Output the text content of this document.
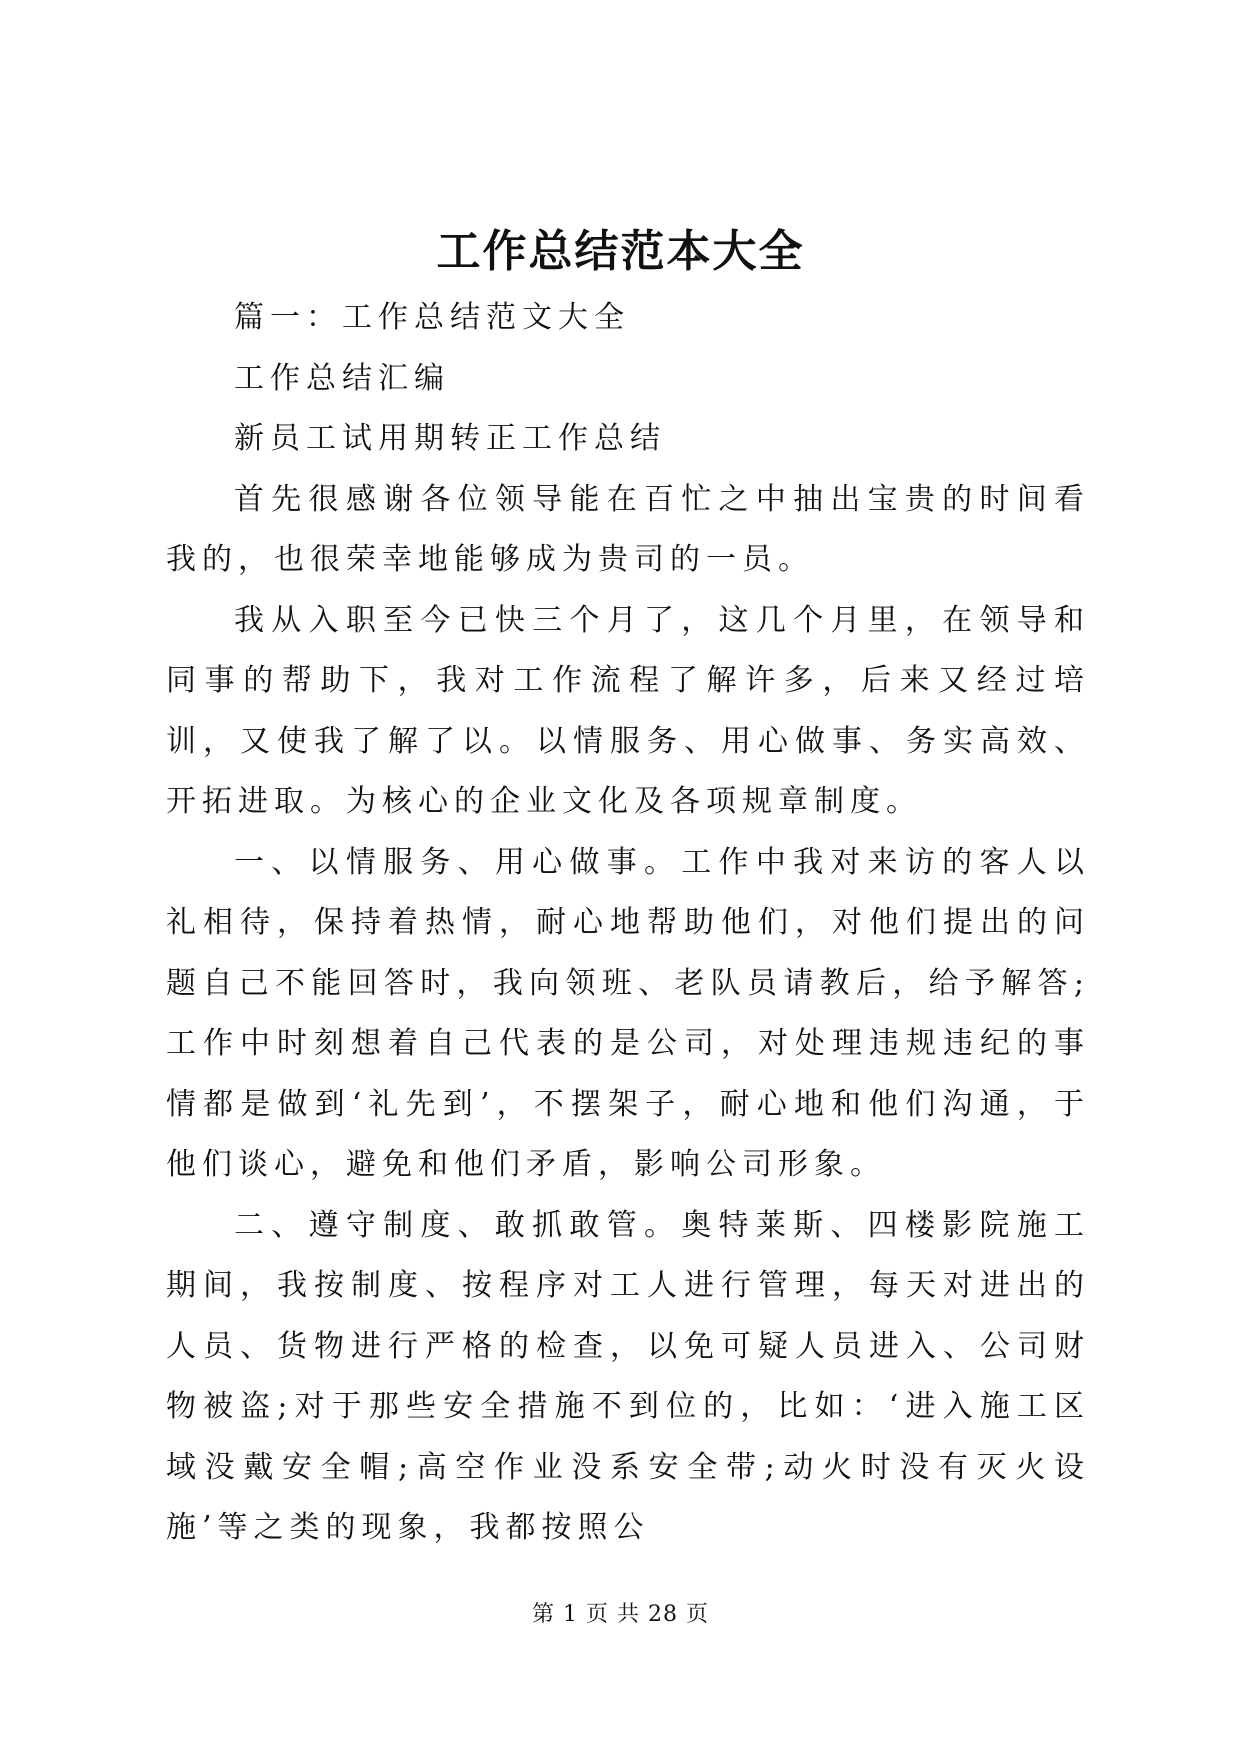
工作总结范本大全

篇一：工作总结范文大全

工作总结汇编

新员工试用期转正工作总结

首先很感谢各位领导能在百忙之中抽出宝贵的时间看我的，也很荣幸地能够成为贵司的一员。

我从入职至今已快三个月了，这几个月里，在领导和同事的帮助下，我对工作流程了解许多，后来又经过培训，又使我了解了以。以情服务、用心做事、务实高效、开拓进取。为核心的企业文化及各项规章制度。

一、以情服务、用心做事。工作中我对来访的客人以礼相待，保持着热情，耐心地帮助他们，对他们提出的问题自己不能回答时，我向领班、老队员请教后，给予解答;工作中时刻想着自己代表的是公司，对处理违规违纪的事情都是做到‘礼先到’，不摆架子，耐心地和他们沟通，于他们谈心，避免和他们矛盾，影响公司形象。

二、遵守制度、敢抓敢管。奥特莱斯、四楼影院施工期间，我按制度、按程序对工人进行管理，每天对进出的人员、货物进行严格的检查，以免可疑人员进入、公司财物被盗;对于那些安全措施不到位的，比如：‘进入施工区域没戴安全帽;高空作业没系安全带;动火时没有灭火设施’等之类的现象，我都按照公

第 1 页 共 28 页
